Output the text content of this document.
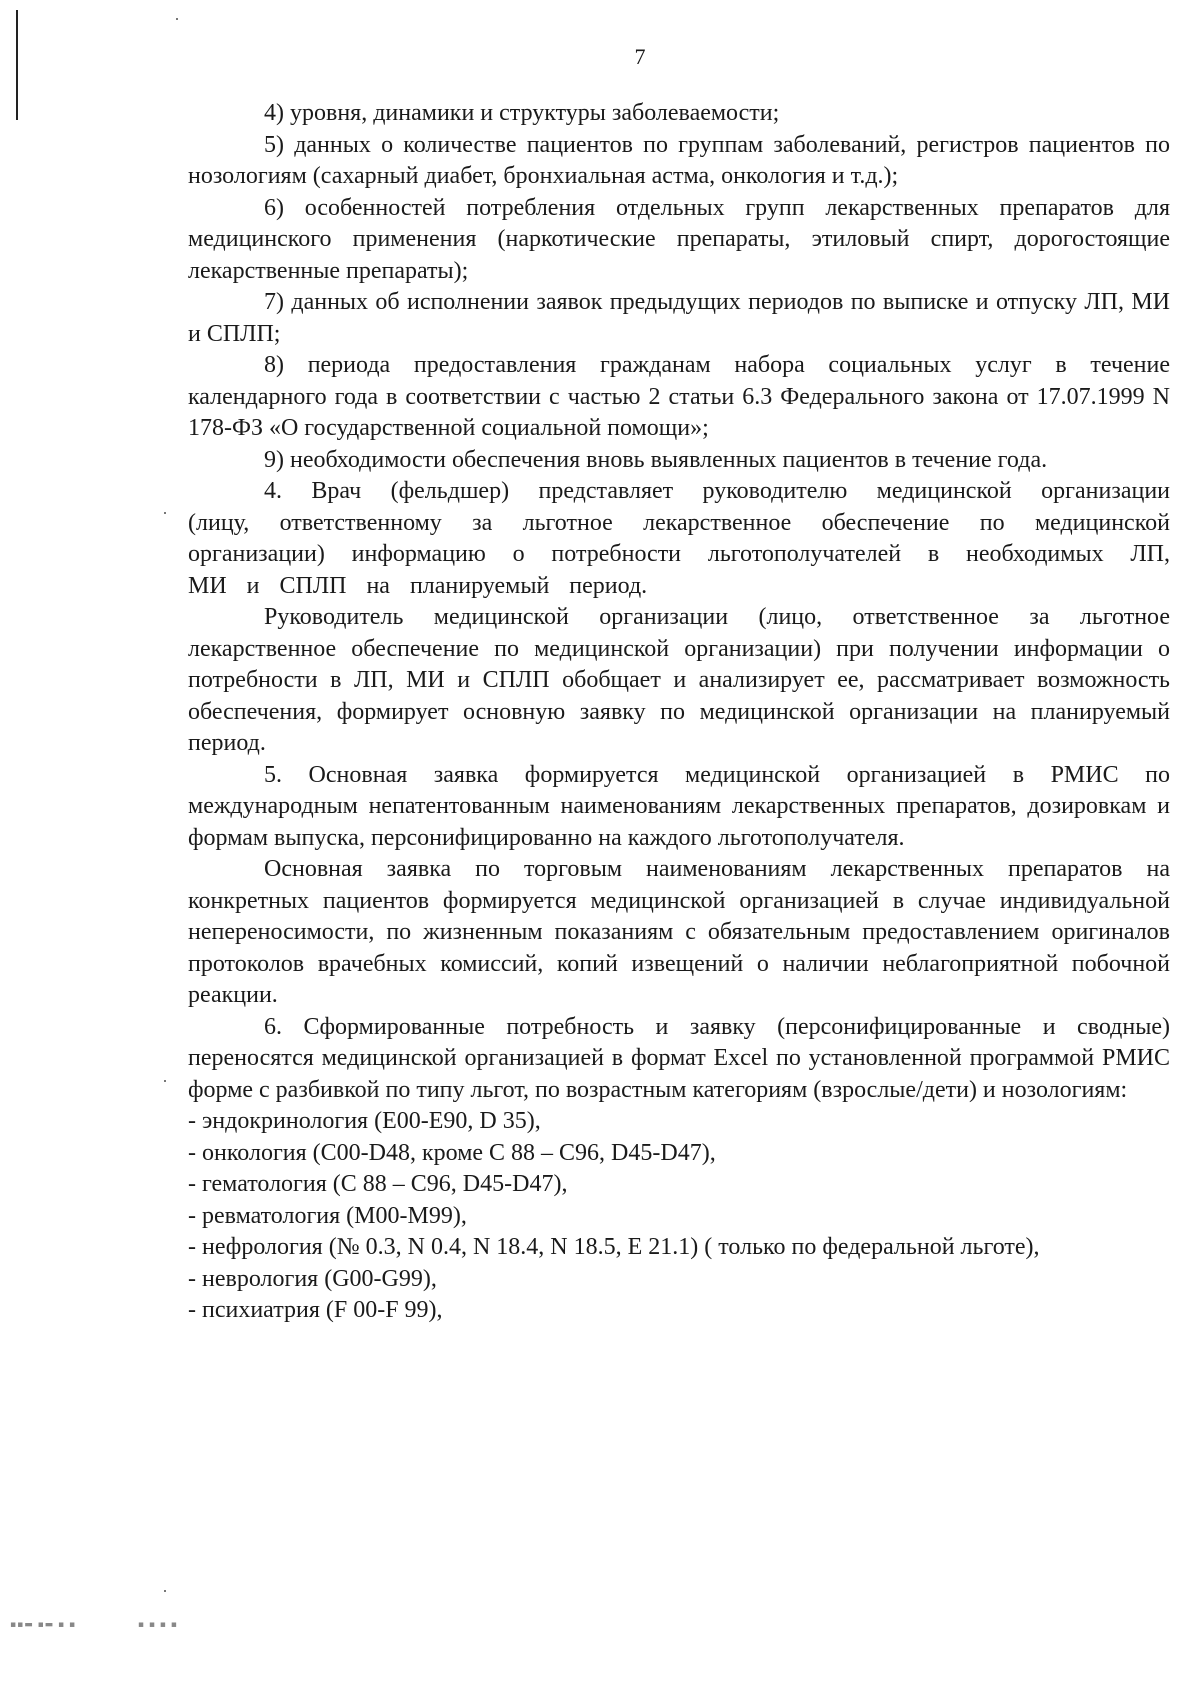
7

4) уровня, динамики и структуры заболеваемости;

5) данных о количестве пациентов по группам заболеваний, регистров пациентов по нозологиям (сахарный диабет, бронхиальная астма, онкология и т.д.);

6) особенностей потребления отдельных групп лекарственных препаратов для медицинского применения (наркотические препараты, этиловый спирт, дорогостоящие лекарственные препараты);

7) данных об исполнении заявок предыдущих периодов по выписке и отпуску ЛП, МИ и СПЛП;

8) периода предоставления гражданам набора социальных услуг в течение календарного года в соответствии с частью 2 статьи 6.3 Федерального закона от 17.07.1999 N 178-ФЗ «О государственной социальной помощи»;

9) необходимости обеспечения вновь выявленных пациентов в течение года.

4. Врач (фельдшер) представляет руководителю медицинской организации (лицу, ответственному за льготное лекарственное обеспечение по медицинской организации) информацию о потребности льготополучателей в необходимых ЛП, МИ и СПЛП на планируемый период.

Руководитель медицинской организации (лицо, ответственное за льготное лекарственное обеспечение по медицинской организации) при получении информации о потребности в ЛП, МИ и СПЛП обобщает и анализирует ее, рассматривает возможность обеспечения, формирует основную заявку по медицинской организации на планируемый период.

5. Основная заявка формируется медицинской организацией в РМИС по международным непатентованным наименованиям лекарственных препаратов, дозировкам и формам выпуска, персонифицированно на каждого льготополучателя.

Основная заявка по торговым наименованиям лекарственных препаратов на конкретных пациентов формируется медицинской организацией в случае индивидуальной непереносимости, по жизненным показаниям с обязательным предоставлением оригиналов протоколов врачебных комиссий, копий извещений о наличии неблагоприятной побочной реакции.

6. Сформированные потребность и заявку (персонифицированные и сводные) переносятся медицинской организацией в формат Excel по установленной программой РМИС форме с разбивкой по типу льгот, по возрастным категориям (взрослые/дети) и нозологиям:

- эндокринология (Е00-Е90, D 35),

- онкология (С00-D48, кроме С 88 – С96, D45-D47),

- гематология (С 88 – С96, D45-D47),

- ревматология (М00-М99),

- нефрология (№ 0.3, N 0.4, N 18.4, N 18.5, Е 21.1) ( только по федеральной льготе),

- неврология (G00-G99),

- психиатрия (F 00-F 99),

▪▪▬ ▪▬ ▪ ▪                ▪ ▪ ▪ ▪
